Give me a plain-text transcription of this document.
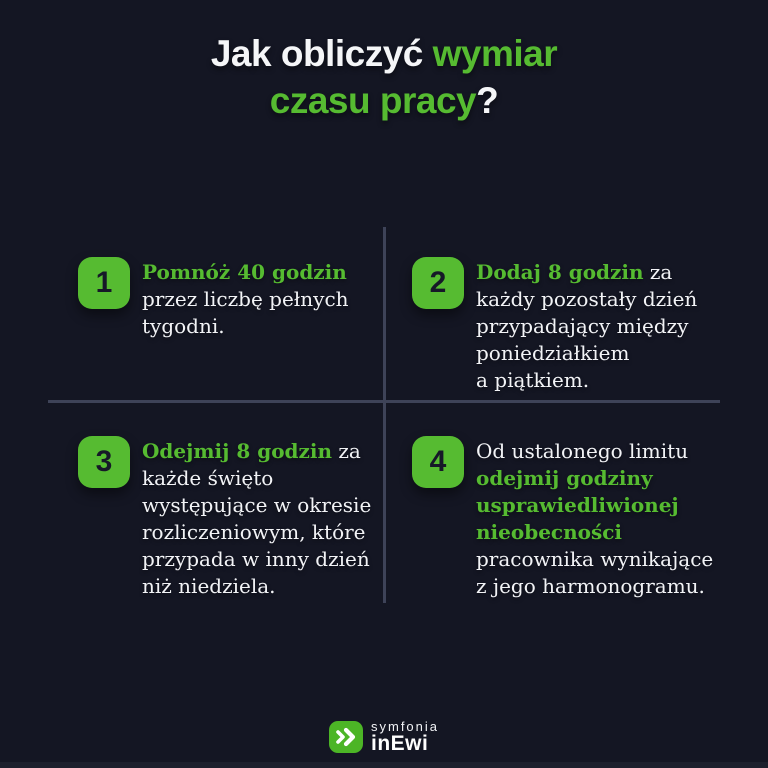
Jak obliczyć wymiar
czasu pracy?
1	Pomnóż 40 godzin przez liczbę pełnych tygodni.

2	Dodaj 8 godzin za każdy pozostały dzień przypadający między poniedziałkiem a piątkiem.

3	Odejmij 8 godzin za każde święto występujące w okresie rozliczeniowym, które przypada w inny dzień niż niedziela.

4	Od ustalonego limitu odejmij godziny usprawiedliwionej nieobecności pracownika wynikające z jego harmonogramu.

symfonia
inEwi
